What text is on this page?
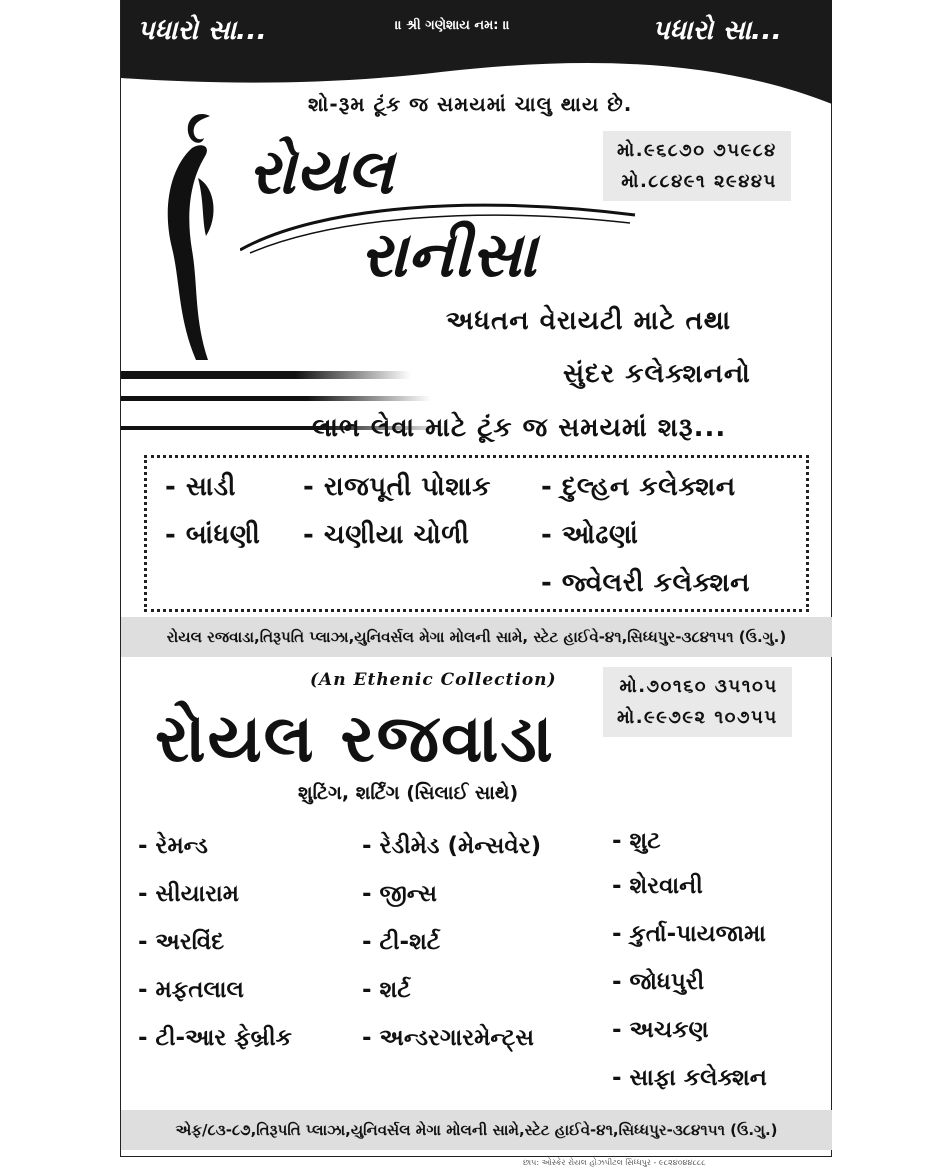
પધારો સા...	પધારો સા...
॥ શ્રી ગણેશાય નમ: ॥
શો-રૂમ ટૂંક જ સમયમાં ચાલુ થાય છે.
મો.૯૬૮૭૦ ૭૫૯૮૪
મો.૮૮૪૯૧ ૨૯૪૪૫
રોયલ
રાનીસા
અધતન વેરાયટી માટે તથા
સુંદર કલેક્શનનો
લાભ લેવા માટે ટૂંક જ સમયમાં શરૂ...
- સાડી	- રાજપૂતી પોશાક - દુલ્હન કલેક્શન
- બાંધણી - ચણીયા ચોળી	- ઓઢણાં
- જ્વેલરી કલેક્શન
રોયલ રજવાડા,તિરૂપતિ પ્લાઝા,યુનિવર્સલ મેગા મોલની સામે, સ્ટેટ હાઈવે-૪૧,સિધ્ધપુર-૩૮૪૧૫૧ (ઉ.ગુ.)
(An Ethenic Collection)	મો.૭૦૧૬૦ ૩૫૧૦૫
મો.૯૯૭૯૨ ૧૦૭૫૫
રોયલ રજવાડા
શુટિંગ, શર્ટિંગ (સિલાઈ સાથે)
- રેમન્ડ
- સીયારામ
- અરવિંદ
- મફતલાલ
- ટી-આર ફેબ્રીક
- રેડીમેડ (મેન્સવેર)
- જીન્સ
- ટી-શર્ટ
- શર્ટ
- અન્ડરગારમેન્ટ્સ
- શુટ
- શેરવાની
- કુર્તા-પાયજામા
- જોધપુરી
- અચકણ
- સાફા કલેક્શન
એફ/૮૩-૮૭,તિરૂપતિ પ્લાઝા,યુનિવર્સલ મેગા મોલની સામે,સ્ટેટ હાઈવે-૪૧,સિધ્ધપુર-૩૮૪૧૫૧ (ઉ.ગુ.)
છાપ: ઓસ્કેર રોયલ હોઝપીટલ સિધ્ધપુર - ૯૮૨૪૦૪૪૮૮૮
